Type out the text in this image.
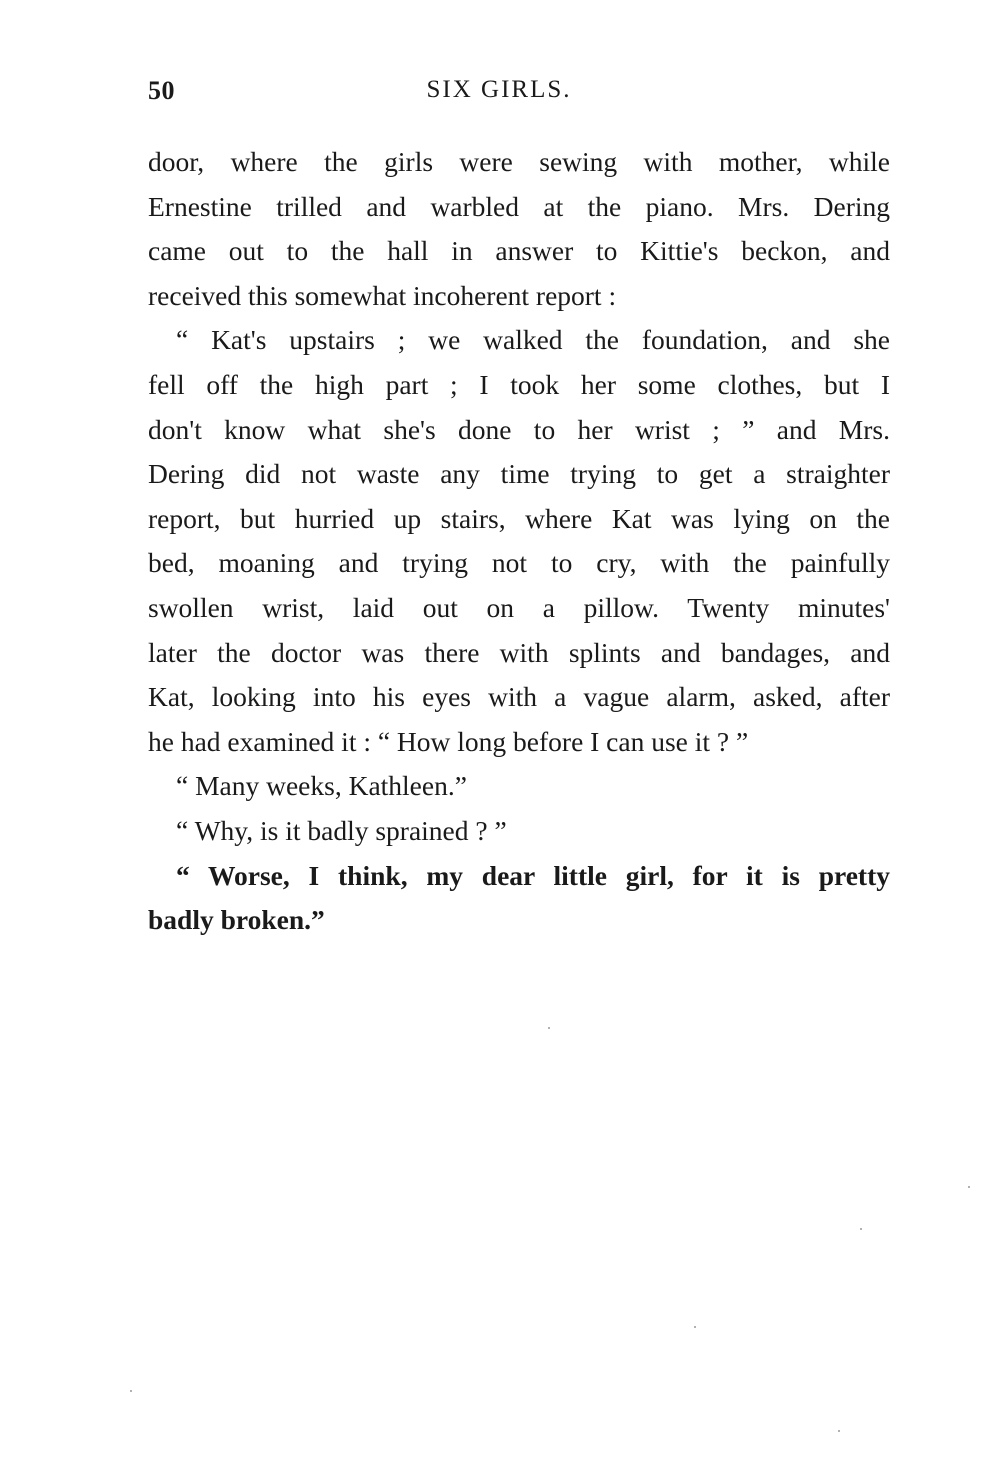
50	SIX GIRLS.

door, where the girls were sewing with mother, while
Ernestine trilled and warbled at the piano. Mrs. Dering
came out to the hall in answer to Kittie's beckon, and
received this somewhat incoherent report :

“ Kat's upstairs ; we walked the foundation, and she
fell off the high part ; I took her some clothes, but I
don't know what she's done to her wrist ; ” and Mrs.
Dering did not waste any time trying to get a straighter
report, but hurried up stairs, where Kat was lying on the
bed, moaning and trying not to cry, with the painfully
swollen wrist, laid out on a pillow. Twenty minutes'
later the doctor was there with splints and bandages, and
Kat, looking into his eyes with a vague alarm, asked, after
he had examined it : “ How long before I can use it ? ”

“ Many weeks, Kathleen.”

“ Why, is it badly sprained ? ”

“ Worse, I think, my dear little girl, for it is pretty
badly broken.”
